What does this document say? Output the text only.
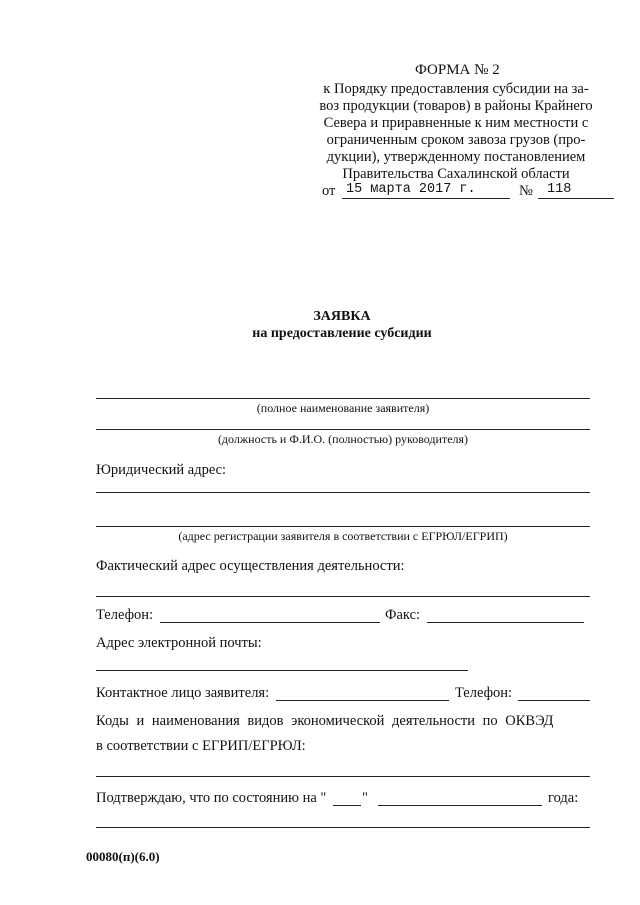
ФОРМА № 2
к Порядку предоставления субсидии на за-
воз продукции (товаров) в районы Крайнего
Севера и приравненные к ним местности с
ограниченным сроком завоза грузов (про-
дукции), утвержденному постановлением
Правительства Сахалинской области
от 15 марта 2017 г.	№ 118
ЗАЯВКА
на предоставление субсидии
(полное наименование заявителя)
(должность и Ф.И.О. (полностью) руководителя)
Юридический адрес:
(адрес регистрации заявителя в соответствии с ЕГРЮЛ/ЕГРИП)
Фактический адрес осуществления деятельности:
Телефон:	Факс:
Адрес электронной почты:
Контактное лицо заявителя:	Телефон:
Коды и наименования видов экономической деятельности по ОКВЭД
в соответствии с ЕГРИП/ЕГРЮЛ:
Подтверждаю, что по состоянию на " "	года:
00080(п)(6.0)
